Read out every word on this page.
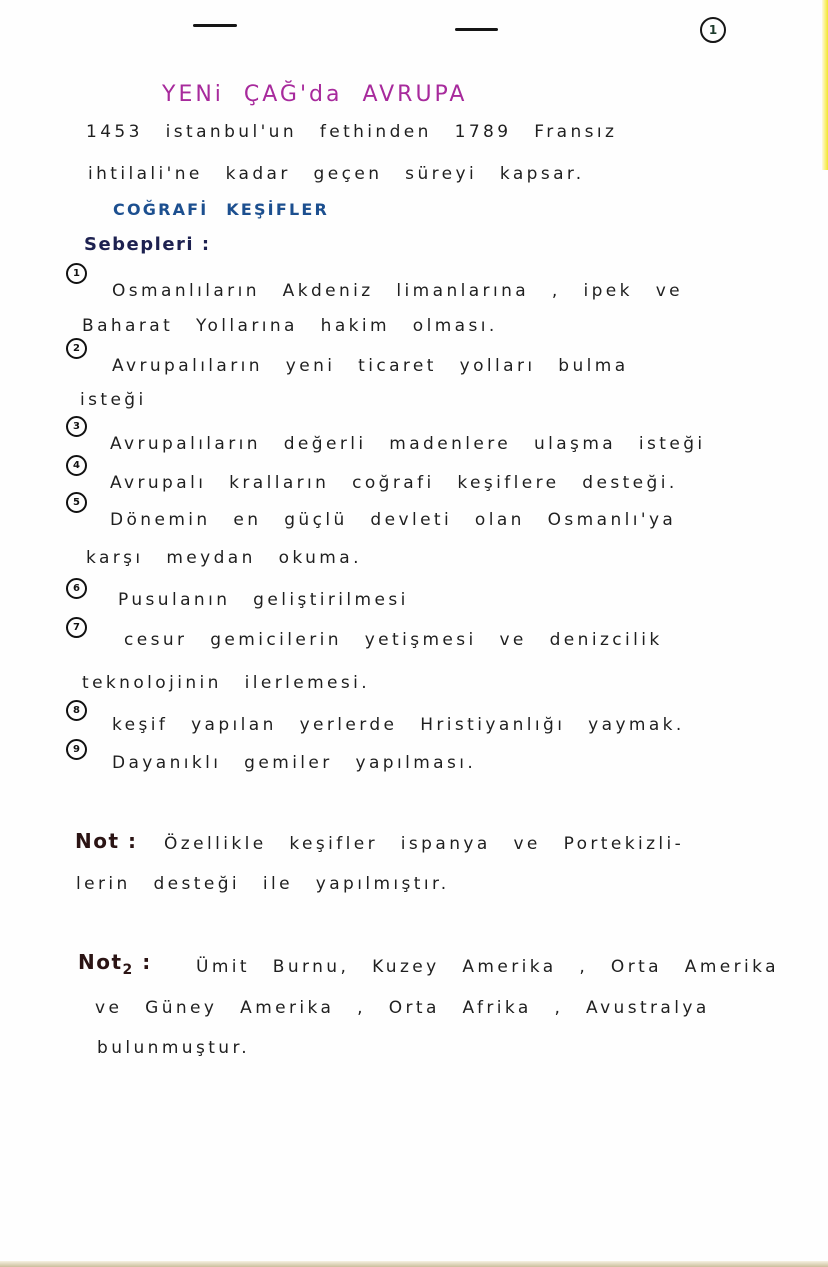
1
YENi ÇAĞ'da AVRUPA
1453 istanbul'un fethinden 1789 Fransız
ihtilali'ne kadar geçen süreyi kapsar.
COĞRAFİ KEŞİFLER
Sebepleri :
1
Osmanlıların Akdeniz limanlarına , ipek ve
Baharat Yollarına hakim olması.
2
Avrupalıların yeni ticaret yolları bulma
isteği
3
Avrupalıların değerli madenlere ulaşma isteği
4
Avrupalı kralların coğrafi keşiflere desteği.
5
Dönemin en güçlü devleti olan Osmanlı'ya
karşı meydan okuma.
6
Pusulanın geliştirilmesi
7
cesur gemicilerin yetişmesi ve denizcilik
teknolojinin ilerlemesi.
8
keşif yapılan yerlerde Hristiyanlığı yaymak.
9
Dayanıklı gemiler yapılması.
Not : Özellikle keşifler ispanya ve Portekizli-
lerin desteği ile yapılmıştır.
Not$_2$ :	Ümit Burnu, Kuzey Amerika , Orta Amerika
ve Güney Amerika , Orta Afrika , Avustralya
bulunmuştur.
